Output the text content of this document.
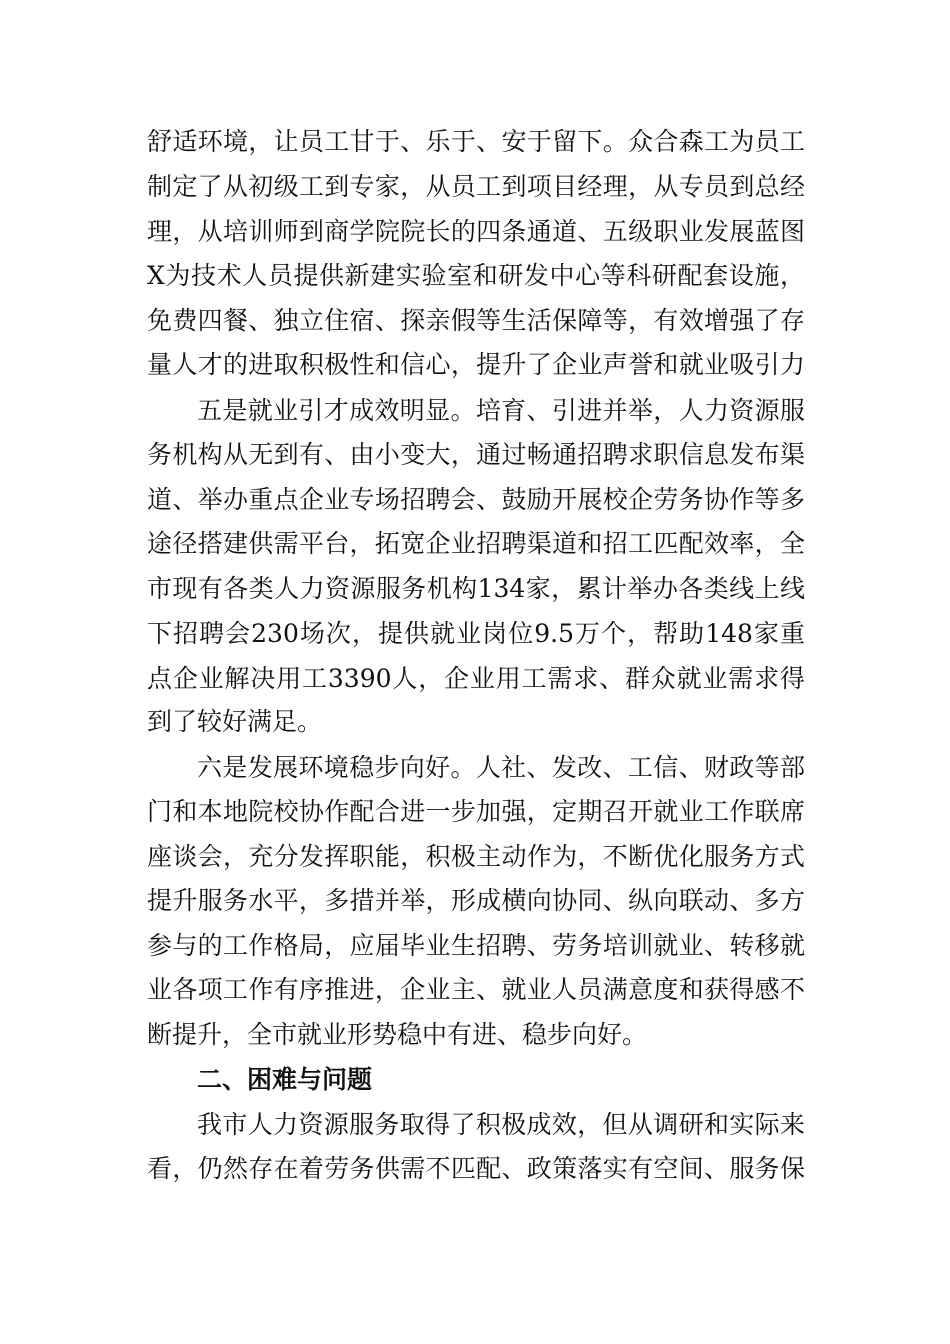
舒适环境，让员工甘于、乐于、安于留下。众合森工为员工
制定了从初级工到专家，从员工到项目经理，从专员到总经
理，从培训师到商学院院长的四条通道、五级职业发展蓝图
X为技术人员提供新建实验室和研发中心等科研配套设施，
免费四餐、独立住宿、探亲假等生活保障等，有效增强了存
量人才的进取积极性和信心，提升了企业声誉和就业吸引力
五是就业引才成效明显。培育、引进并举，人力资源服
务机构从无到有、由小变大，通过畅通招聘求职信息发布渠
道、举办重点企业专场招聘会、鼓励开展校企劳务协作等多
途径搭建供需平台，拓宽企业招聘渠道和招工匹配效率，全
市现有各类人力资源服务机构134家，累计举办各类线上线
下招聘会230场次，提供就业岗位9.5万个，帮助148家重
点企业解决用工3390人，企业用工需求、群众就业需求得
到了较好满足。
六是发展环境稳步向好。人社、发改、工信、财政等部
门和本地院校协作配合进一步加强，定期召开就业工作联席
座谈会，充分发挥职能，积极主动作为，不断优化服务方式
提升服务水平，多措并举，形成横向协同、纵向联动、多方
参与的工作格局，应届毕业生招聘、劳务培训就业、转移就
业各项工作有序推进，企业主、就业人员满意度和获得感不
断提升，全市就业形势稳中有进、稳步向好。
二、困难与问题
我市人力资源服务取得了积极成效，但从调研和实际来
看，仍然存在着劳务供需不匹配、政策落实有空间、服务保
